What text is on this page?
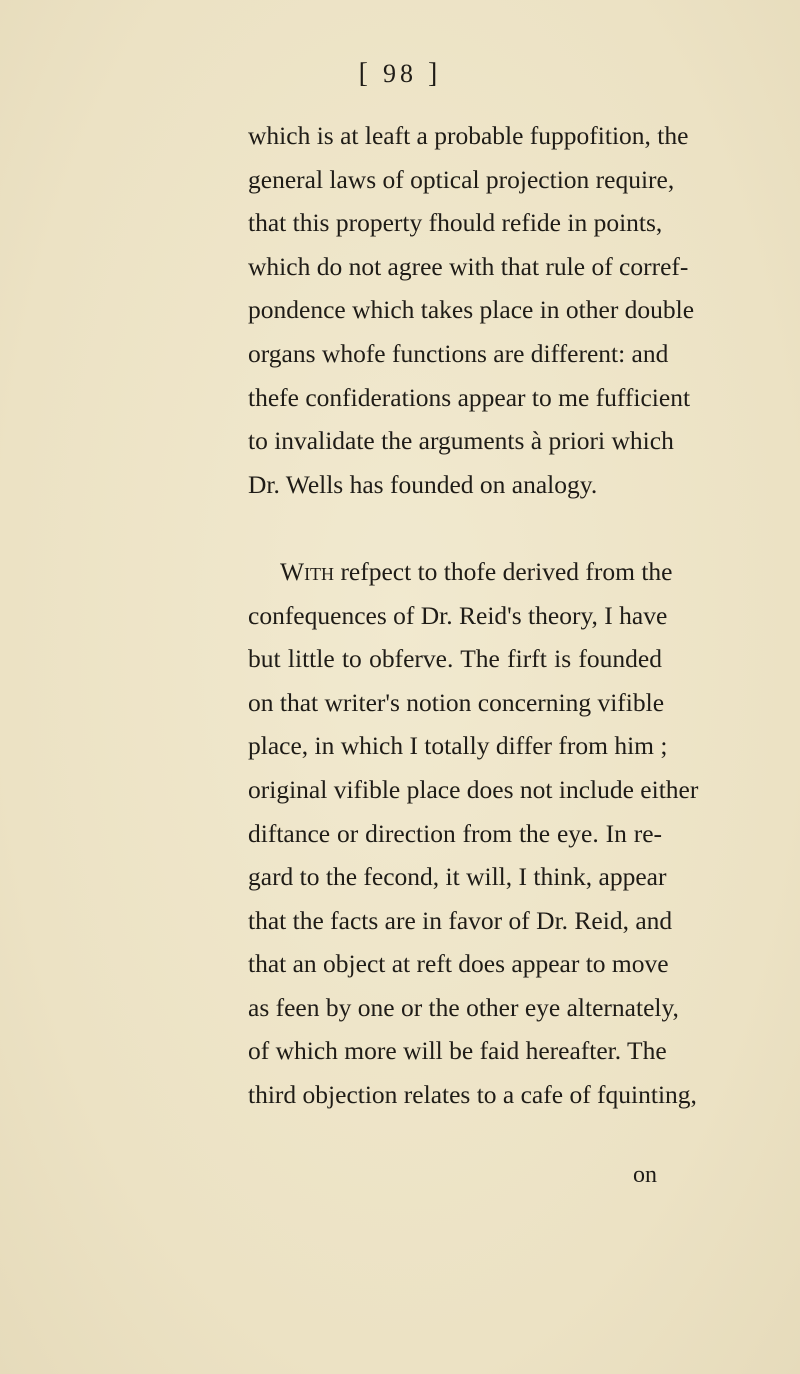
[ 98 ]
which is at leaft a probable fuppofition, the
general laws of optical projection require,
that this property fhould refide in points,
which do not agree with that rule of corref-
pondence which takes place in other double
organs whofe functions are different: and
thefe confiderations appear to me fufficient
to invalidate the arguments à priori which
Dr. Wells has founded on analogy.
With refpect to thofe derived from the
confequences of Dr. Reid's theory, I have
but little to obferve. The firft is founded
on that writer's notion concerning vifible
place, in which I totally differ from him ;
original vifible place does not include either
diftance or direction from the eye. In re-
gard to the fecond, it will, I think, appear
that the facts are in favor of Dr. Reid, and
that an object at reft does appear to move
as feen by one or the other eye alternately,
of which more will be faid hereafter. The
third objection relates to a cafe of fquinting,
on
